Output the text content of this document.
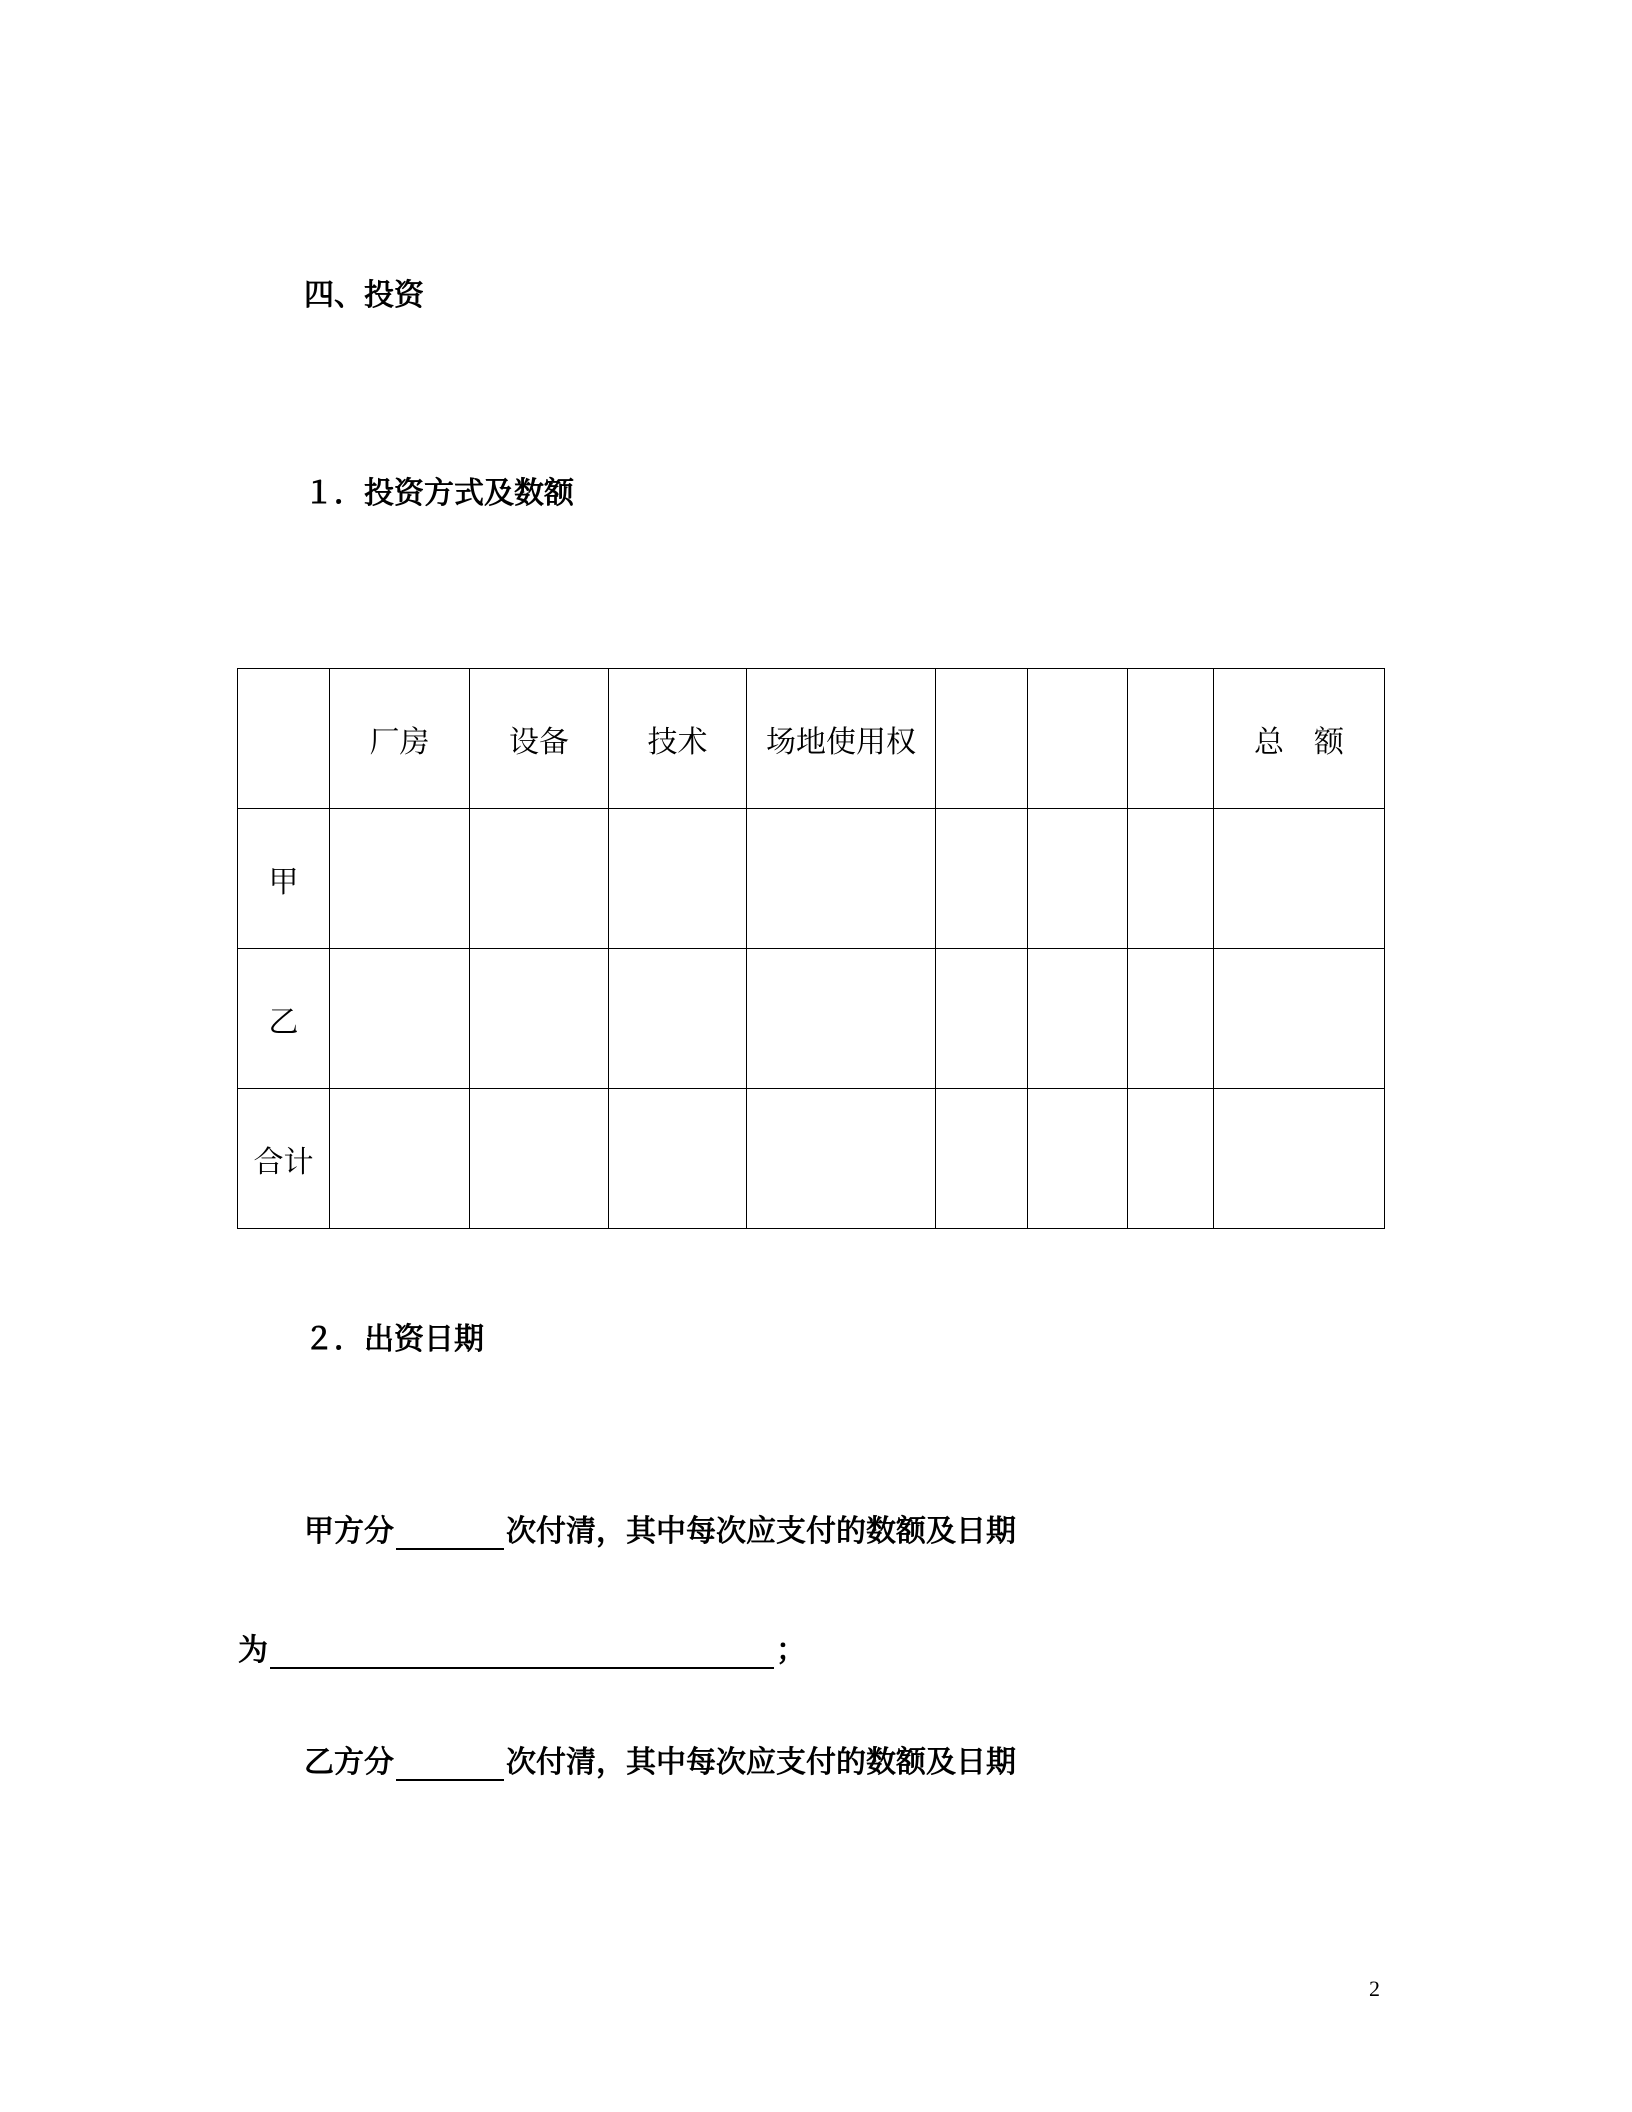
四、投资
１．投资方式及数额
	厂房	设备	技术	场地使用权				总　额
甲								
乙								
合计								
２．出资日期
甲方分	次付清，其中每次应支付的数额及日期
为	；
乙方分	次付清，其中每次应支付的数额及日期
2
